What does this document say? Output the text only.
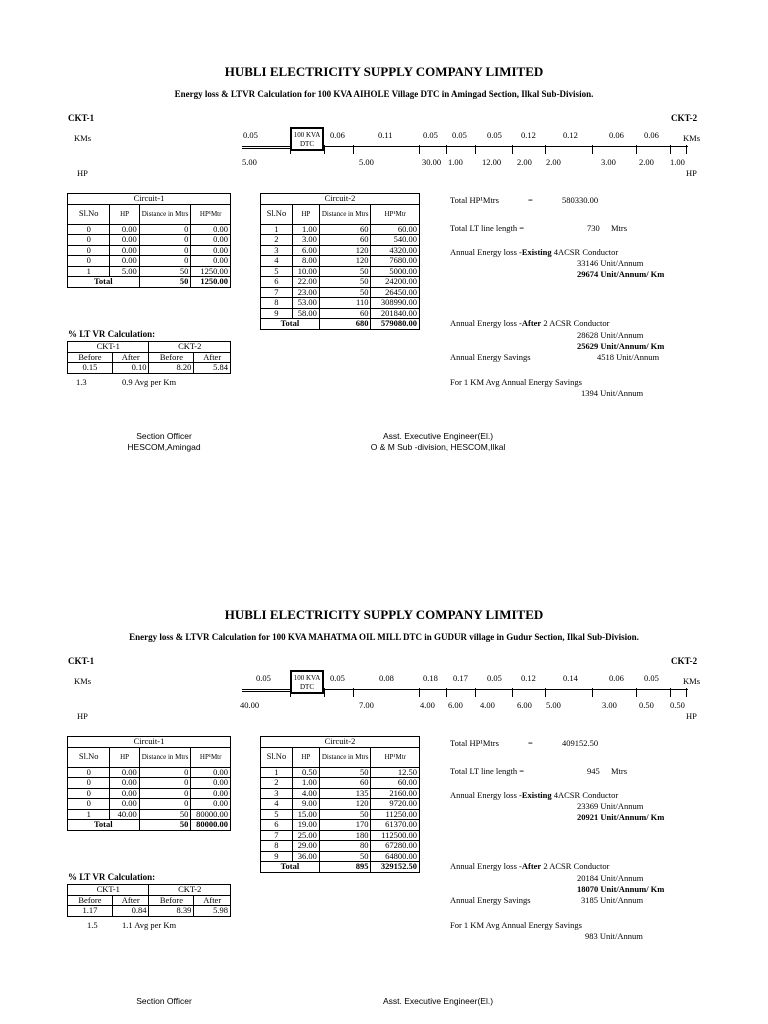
HUBLI ELECTRICITY SUPPLY COMPANY LIMITED
Energy loss & LTVR Calculation for 100 KVA AIHOLE Village DTC in Amingad Section, Ilkal Sub-Division.
CKT-1	CKT-2
KMs	KMs
HP	HP
100 KVA DTC
0.05	0.06	0.11	0.05 0.05 0.05 0.12	0.12	0.06 0.06
5.00	5.00	30.00 1.00 12.00 2.00 2.00	3.00	2.00 1.00
Circuit-1			
Sl.No	HP	Distance in Mtrs	HP¹Mtr
0	0.00	0	0.00
0	0.00	0	0.00
0	0.00	0	0.00
0	0.00	0	0.00
1	5.00	50	1250.00
Total		50	1250.00
Circuit-2			
Sl.No	HP	Distance in Mtrs	HP¹Mtr
1	1.00	60	60.00
2	3.00	60	540.00
3	6.00	120	4320.00
4	8.00	120	7680.00
5	10.00	50	5000.00
6	22.00	50	24200.00
7	23.00	50	26450.00
8	53.00	110	308990.00
9	58.00	60	201840.00
Total		680	579080.00
% LT VR Calculation:
CKT-1		CKT-2	
Before	After	Before	After
0.15	0.10	8.20	5.84
1.3	0.9 Avg per Km
Total HP¹Mtrs	=	580330.00
Total LT line length =	730 Mtrs
Annual Energy loss -Existing 4ACSR Conductor
33146 Unit/Annum
29674 Unit/Annum/ Km
Annual Energy loss -After 2 ACSR Conductor
28628 Unit/Annum
25629 Unit/Annum/ Km
Annual Energy Savings	4518 Unit/Annum
For 1 KM Avg Annual Energy Savings
1394 Unit/Annum
Section Officer
HESCOM,Amingad
Asst. Executive Engineer(El.)
O & M Sub -division, HESCOM,Ilkal
HUBLI ELECTRICITY SUPPLY COMPANY LIMITED
Energy loss & LTVR Calculation for 100 KVA MAHATMA OIL MILL DTC in GUDUR village in Gudur Section, Ilkal Sub-Division.
CKT-1	CKT-2
KMs	KMs
HP	HP
100 KVA DTC
0.05	0.05	0.08	0.18 0.17 0.05 0.12	0.14	0.06 0.05
40.00	7.00	4.00 6.00 4.00	6.00 5.00	3.00	0.50 0.50
Circuit-1			
Sl.No	HP	Distance in Mtrs	HP¹Mtr
0	0.00	0	0.00
0	0.00	0	0.00
0	0.00	0	0.00
0	0.00	0	0.00
1	40.00	50	80000.00
Total		50	80000.00
Circuit-2			
Sl.No	HP	Distance in Mtrs	HP¹Mtr
1	0.50	50	12.50
2	1.00	60	60.00
3	4.00	135	2160.00
4	9.00	120	9720.00
5	15.00	50	11250.00
6	19.00	170	61370.00
7	25.00	180	112500.00
8	29.00	80	67280.00
9	36.00	50	64800.00
Total		895	329152.50
% LT VR Calculation:
CKT-1		CKT-2	
Before	After	Before	After
1.17	0.84	8.39	5.98
1.5	1.1 Avg per Km
Total HP¹Mtrs	=	409152.50
Total LT line length =	945 Mtrs
Annual Energy loss -Existing 4ACSR Conductor
23369 Unit/Annum
20921 Unit/Annum/ Km
Annual Energy loss -After 2 ACSR Conductor
20184 Unit/Annum
18070 Unit/Annum/ Km
Annual Energy Savings	3185 Unit/Annum
For 1 KM Avg Annual Energy Savings
983 Unit/Annum
Section Officer	Asst. Executive Engineer(El.)
